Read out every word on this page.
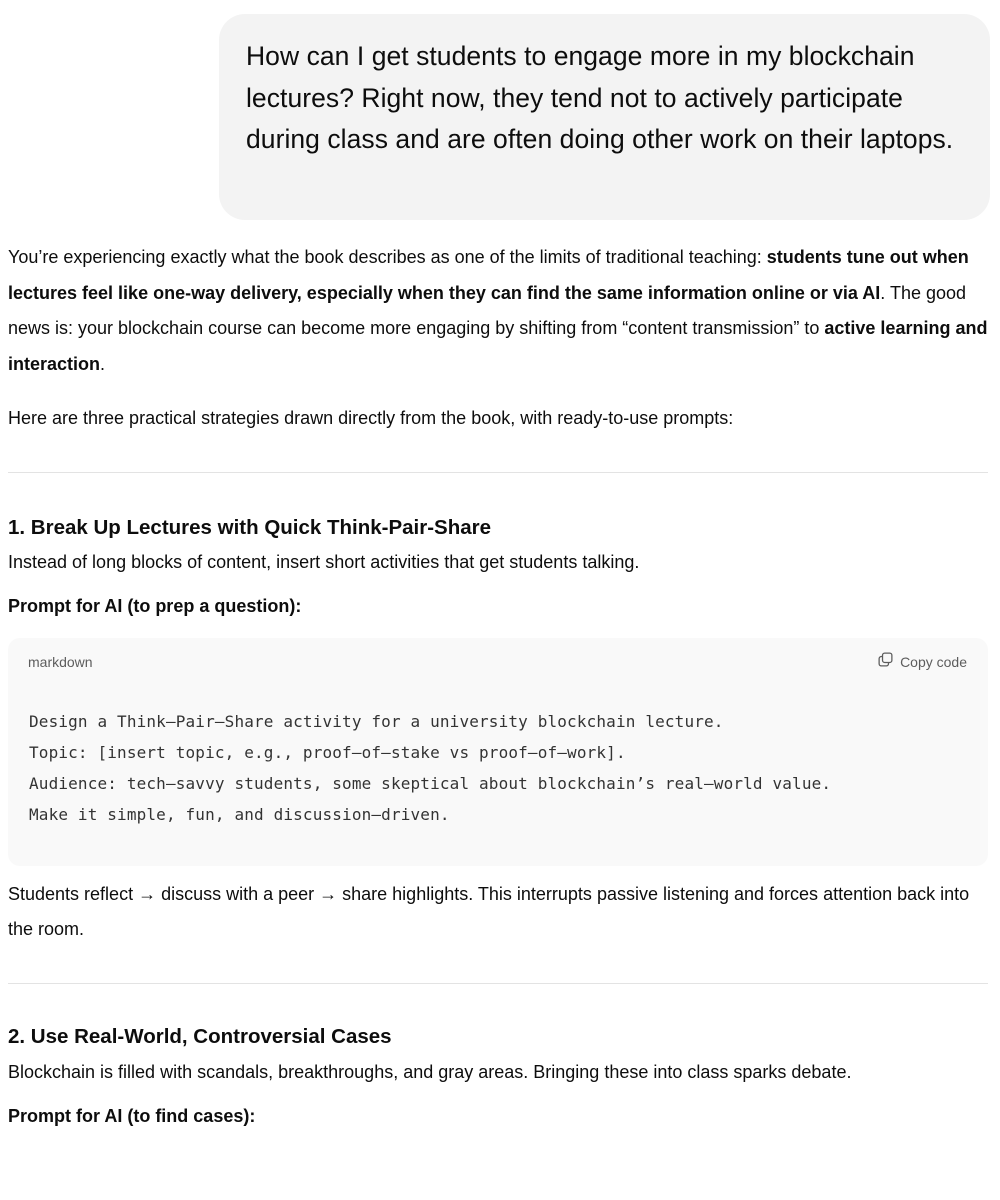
How can I get students to engage more in my blockchain lectures? Right now, they tend not to actively participate during class and are often doing other work on their laptops.

You’re experiencing exactly what the book describes as one of the limits of traditional teaching: students tune out when lectures feel like one-way delivery, especially when they can find the same information online or via AI. The good news is: your blockchain course can become more engaging by shifting from “content transmission” to active learning and interaction.

Here are three practical strategies drawn directly from the book, with ready-to-use prompts:

1. Break Up Lectures with Quick Think-Pair-Share

Instead of long blocks of content, insert short activities that get students talking.

Prompt for AI (to prep a question):

markdown	Copy code
Design a Think–Pair–Share activity for a university blockchain lecture.
Topic: [insert topic, e.g., proof–of–stake vs proof–of–work].
Audience: tech–savvy students, some skeptical about blockchain’s real–world value.
Make it simple, fun, and discussion–driven.

Students reflect → discuss with a peer → share highlights. This interrupts passive listening and forces attention back into the room.

2. Use Real-World, Controversial Cases

Blockchain is filled with scandals, breakthroughs, and gray areas. Bringing these into class sparks debate.

Prompt for AI (to find cases):
